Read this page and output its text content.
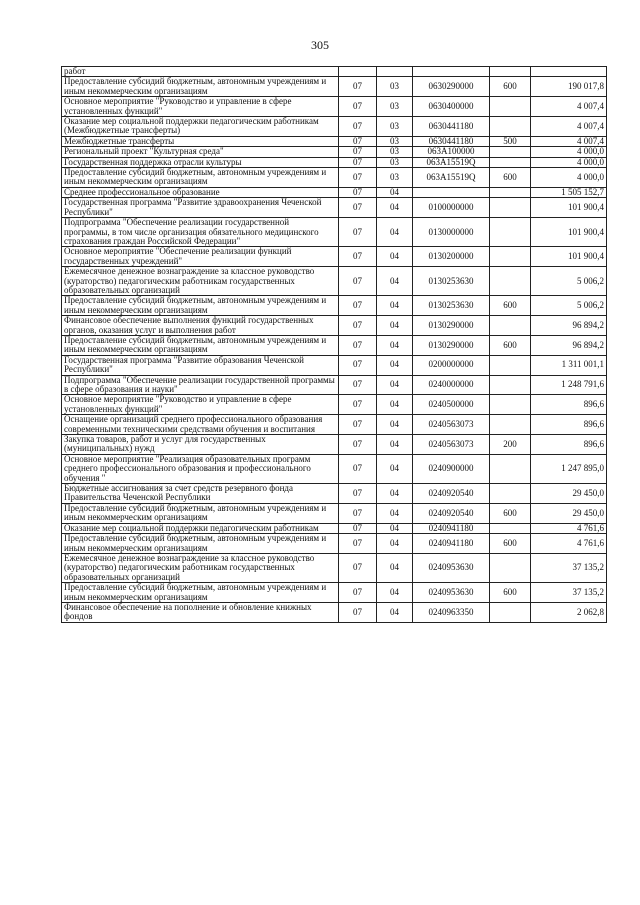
305
работ					
Предоставление субсидий бюджетным, автономным учреждениям и иным некоммерческим организациям	07	03	0630290000	600	190 017,8
Основное мероприятие "Руководство и управление в сфере установленных функций"	07	03	0630400000		4 007,4
Оказание мер социальной поддержки педагогическим работникам (Межбюджетные трансферты)	07	03	0630441180		4 007,4
Межбюджетные трансферты	07	03	0630441180	500	4 007,4
Региональный проект "Культурная среда"	07	03	063A100000		4 000,0
Государственная поддержка отрасли культуры	07	03	063A15519Q		4 000,0
Предоставление субсидий бюджетным, автономным учреждениям и иным некоммерческим организациям	07	03	063A15519Q	600	4 000,0
Среднее профессиональное образование	07	04			1 505 152,7
Государственная программа "Развитие здравоохранения Чеченской Республики"	07	04	0100000000		101 900,4
Подпрограмма "Обеспечение реализации государственной программы, в том числе организация обязательного медицинского страхования граждан Российской Федерации"	07	04	0130000000		101 900,4
Основное мероприятие "Обеспечение реализации функций государственных учреждений"	07	04	0130200000		101 900,4
Ежемесячное денежное вознаграждение за классное руководство (кураторство) педагогическим работникам государственных образовательных организаций	07	04	0130253630		5 006,2
Предоставление субсидий бюджетным, автономным учреждениям и иным некоммерческим организациям	07	04	0130253630	600	5 006,2
Финансовое обеспечение выполнения функций государственных органов, оказания услуг и выполнения работ	07	04	0130290000		96 894,2
Предоставление субсидий бюджетным, автономным учреждениям и иным некоммерческим организациям	07	04	0130290000	600	96 894,2
Государственная программа "Развитие образования Чеченской Республики"	07	04	0200000000		1 311 001,1
Подпрограмма "Обеспечение реализации государственной программы в сфере образования и науки"	07	04	0240000000		1 248 791,6
Основное мероприятие "Руководство и управление в сфере установленных функций"	07	04	0240500000		896,6
Оснащение организаций среднего профессионального образования современными техническими средствами обучения и воспитания	07	04	0240563073		896,6
Закупка товаров, работ и услуг для государственных (муниципальных) нужд	07	04	0240563073	200	896,6
Основное мероприятие "Реализация образовательных программ среднего профессионального образования и профессионального обучения "	07	04	0240900000		1 247 895,0
Бюджетные ассигнования за счет средств резервного фонда Правительства Чеченской Республики	07	04	0240920540		29 450,0
Предоставление субсидий бюджетным, автономным учреждениям и иным некоммерческим организациям	07	04	0240920540	600	29 450,0
Оказание мер социальной поддержки педагогическим работникам	07	04	0240941180		4 761,6
Предоставление субсидий бюджетным, автономным учреждениям и иным некоммерческим организациям	07	04	0240941180	600	4 761,6
Ежемесячное денежное вознаграждение за классное руководство (кураторство) педагогическим работникам государственных образовательных организаций	07	04	0240953630		37 135,2
Предоставление субсидий бюджетным, автономным учреждениям и иным некоммерческим организациям	07	04	0240953630	600	37 135,2
Финансовое обеспечение на пополнение и обновление книжных фондов	07	04	0240963350		2 062,8
